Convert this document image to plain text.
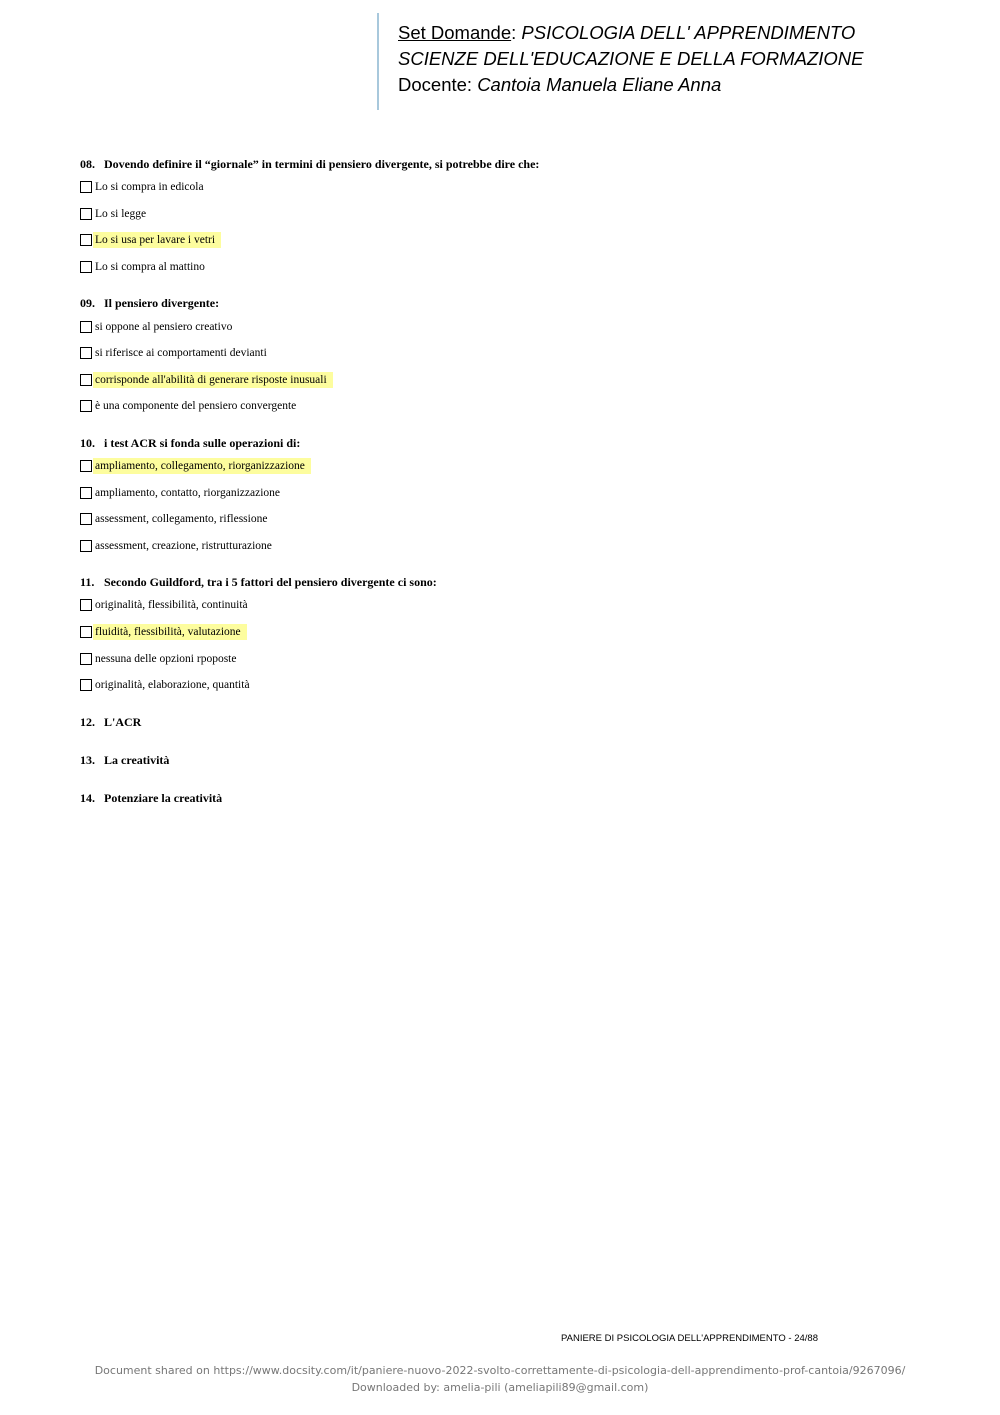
Set Domande: PSICOLOGIA DELL' APPRENDIMENTO
SCIENZE DELL'EDUCAZIONE E DELLA FORMAZIONE
Docente: Cantoia Manuela Eliane Anna
08. Dovendo definire il “giornale” in termini di pensiero divergente, si potrebbe dire che:
Lo si compra in edicola
Lo si legge
Lo si usa per lavare i vetri
Lo si compra al mattino
09. Il pensiero divergente:
si oppone al pensiero creativo
si riferisce ai comportamenti devianti
corrisponde all'abilità di generare risposte inusuali
è una componente del pensiero convergente
10. i test ACR si fonda sulle operazioni di:
ampliamento, collegamento, riorganizzazione
ampliamento, contatto, riorganizzazione
assessment, collegamento, riflessione
assessment, creazione, ristrutturazione
11. Secondo Guildford, tra i 5 fattori del pensiero divergente ci sono:
originalità, flessibilità, continuità
fluidità, flessibilità, valutazione
nessuna delle opzioni rpoposte
originalità, elaborazione, quantità
12. L'ACR
13. La creatività
14. Potenziare la creatività
PANIERE DI PSICOLOGIA DELL'APPRENDIMENTO - 24/88
Document shared on https://www.docsity.com/it/paniere-nuovo-2022-svolto-correttamente-di-psicologia-dell-apprendimento-prof-cantoia/9267096/
Downloaded by: amelia-pili (ameliapili89@gmail.com)
